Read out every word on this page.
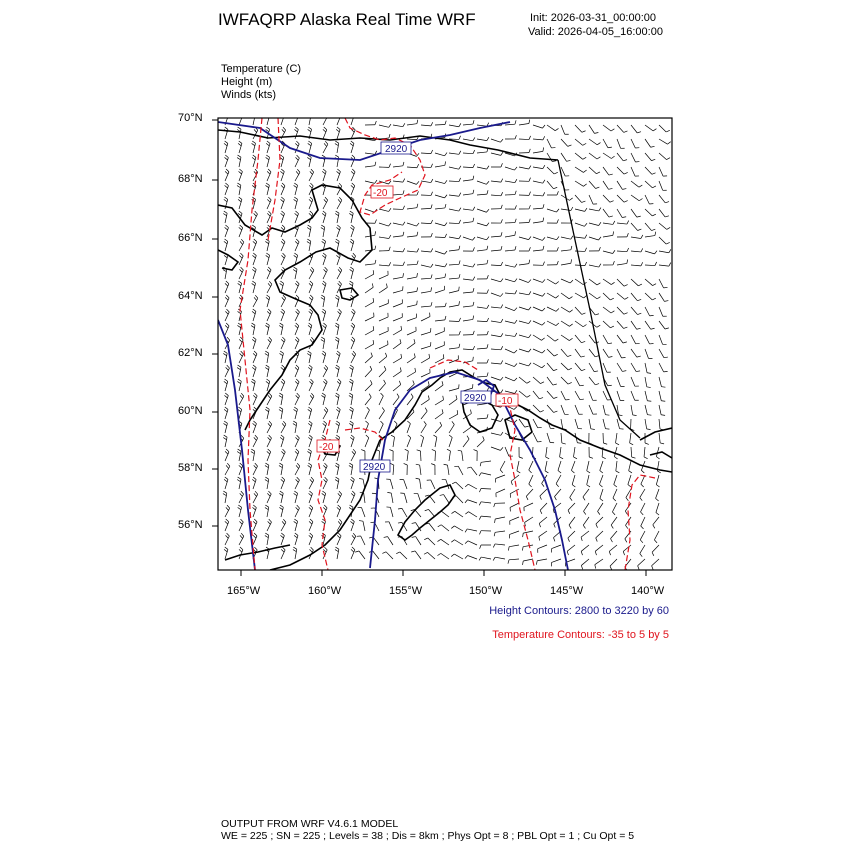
IWFAQRP Alaska Real Time WRF	Init: 2026-03-31_00:00:00
Valid: 2026-04-05_16:00:00
Temperature (C)
Height (m)
Winds (kts)
2920
2920
2920
-20
-20
-10
70°N
68°N
66°N
64°N
62°N
60°N
58°N
56°N
165°W	160°W	155°W	150°W	145°W	140°W
Height Contours: 2800 to 3220 by 60
Temperature Contours: -35 to 5 by 5
OUTPUT FROM WRF V4.6.1 MODEL
WE = 225 ; SN = 225 ; Levels = 38 ; Dis = 8km ; Phys Opt = 8 ; PBL Opt = 1 ; Cu Opt = 5
